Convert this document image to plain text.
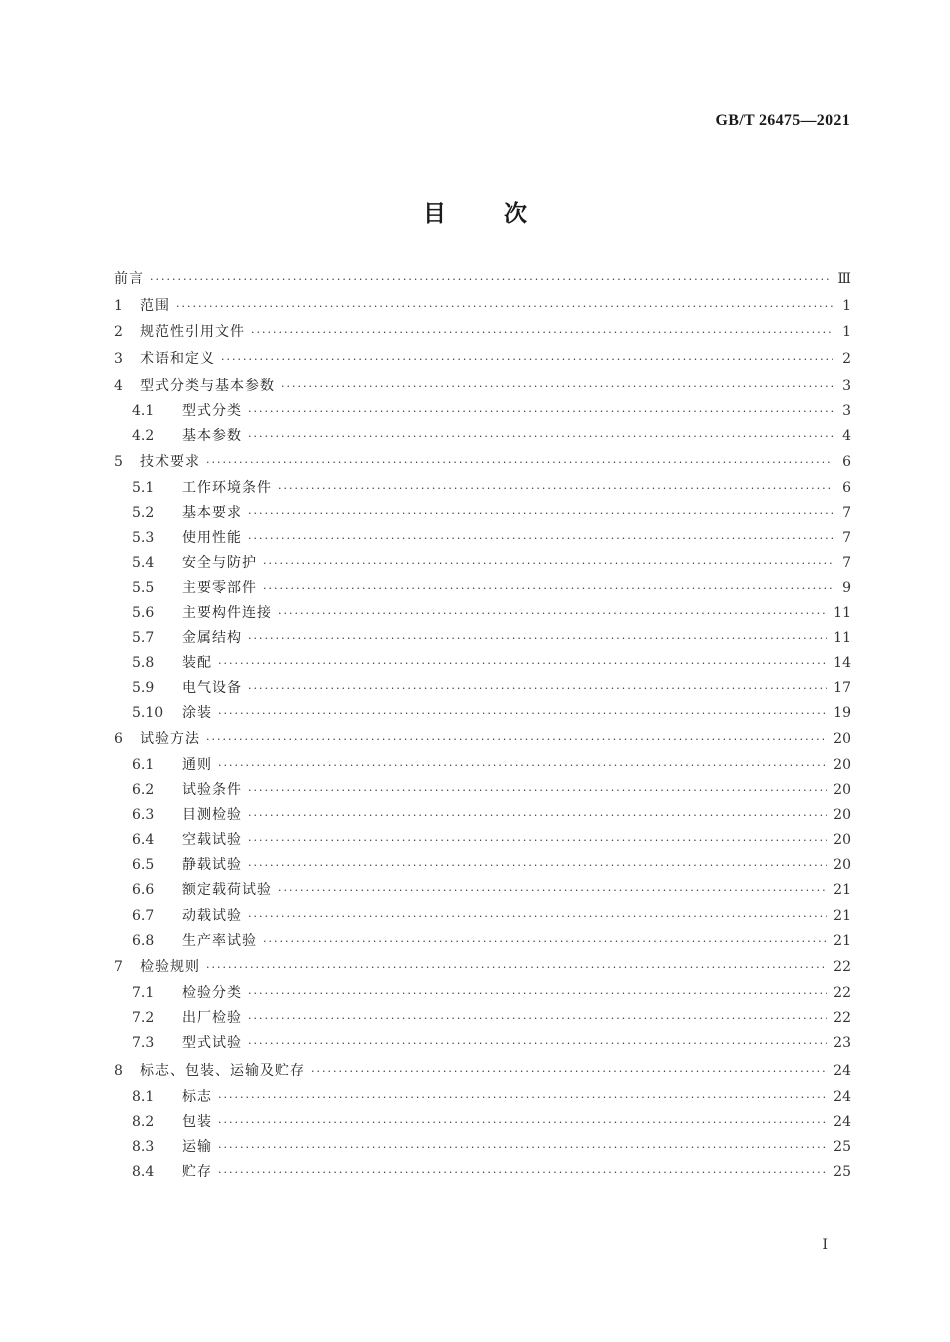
GB/T 26475—2021
目	次
前言 ·····	Ⅲ
1	范围 ·····	1
2	规范性引用文件 ·····	1
3	术语和定义 ·····	2
4	型式分类与基本参数 ·····	3
4.1	型式分类 ·····	3
4.2	基本参数 ·····	4
5	技术要求 ·····	6
5.1	工作环境条件 ·····	6
5.2	基本要求 ·····	7
5.3	使用性能 ·····	7
5.4	安全与防护 ·····	7
5.5	主要零部件 ·····	9
5.6	主要构件连接 ·····	11
5.7	金属结构 ·····	11
5.8	装配 ·····	14
5.9	电气设备 ·····	17
5.10	涂装 ·····	19
6	试验方法 ·····	20
6.1	通则 ·····	20
6.2	试验条件 ·····	20
6.3	目测检验 ·····	20
6.4	空载试验 ·····	20
6.5	静载试验 ·····	20
6.6	额定载荷试验 ·····	21
6.7	动载试验 ·····	21
6.8	生产率试验 ·····	21
7	检验规则 ·····	22
7.1	检验分类 ·····	22
7.2	出厂检验 ·····	22
7.3	型式试验 ·····	23
8	标志、包装、运输及贮存 ·····	24
8.1	标志 ·····	24
8.2	包装 ·····	24
8.3	运输 ·····	25
8.4	贮存 ·····	25
I
